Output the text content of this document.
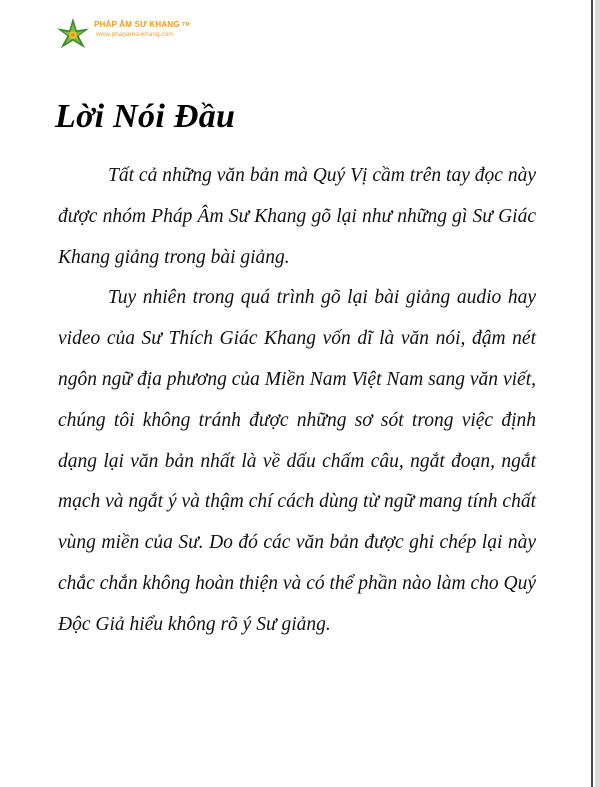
PHÁP ÂM SƯ KHANG ™
www.phapamsukhang.com
Lời Nói Đầu

Tất cả những văn bản mà Quý Vị cầm trên tay đọc này được nhóm Pháp Âm Sư Khang gõ lại như những gì Sư Giác Khang giảng trong bài giảng.

Tuy nhiên trong quá trình gõ lại bài giảng audio hay video của Sư Thích Giác Khang vốn dĩ là văn nói, đậm nét ngôn ngữ địa phương của Miền Nam Việt Nam sang văn viết, chúng tôi không tránh được những sơ sót trong việc định dạng lại văn bản nhất là về dấu chấm câu, ngắt đoạn, ngắt mạch và ngắt ý và thậm chí cách dùng từ ngữ mang tính chất vùng miền của Sư. Do đó các văn bản được ghi chép lại này chắc chắn không hoàn thiện và có thể phần nào làm cho Quý Độc Giả hiểu không rõ ý Sư giảng.
